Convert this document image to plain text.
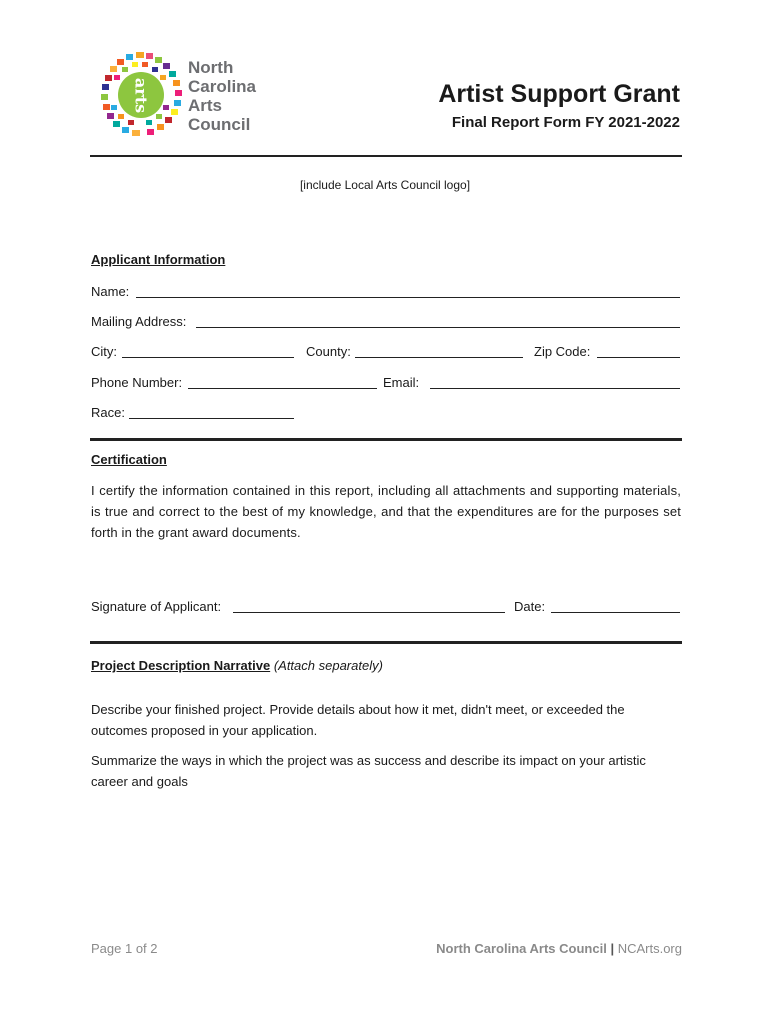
arts
North
Carolina
Arts
Council
Artist Support Grant
Final Report Form FY 2021-2022
[include Local Arts Council logo]
Applicant Information
Name:
Mailing Address:
City:	County:	Zip Code:
Phone Number:	Email:
Race:
Certification
I certify the information contained in this report, including all attachments and supporting materials, is true and correct to the best of my knowledge, and that the expenditures are for the purposes set forth in the grant award documents.
Signature of Applicant:	Date:
Project Description Narrative (Attach separately)
Describe your finished project. Provide details about how it met, didn't meet, or exceeded the outcomes proposed in your application.
Summarize the ways in which the project was as success and describe its impact on your artistic career and goals
Page 1 of 2	North Carolina Arts Council | NCArts.org
